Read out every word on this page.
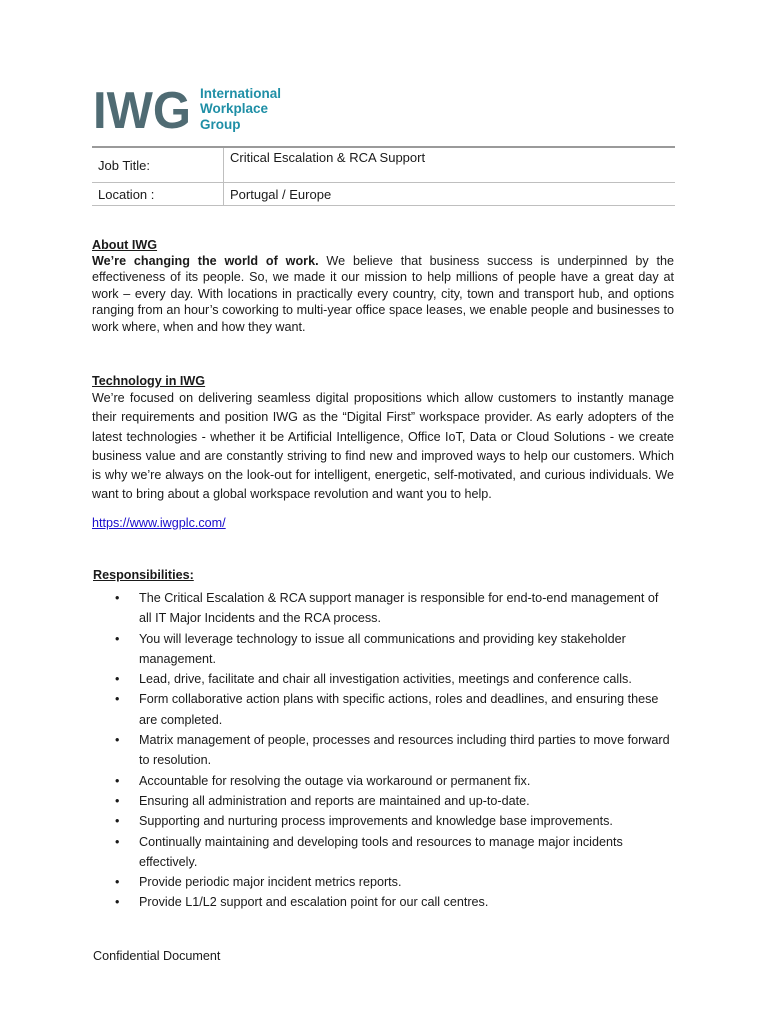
IWG International
Workplace
Group
Job Title:	Critical Escalation & RCA Support
Location :	Portugal / Europe
About IWG

We’re changing the world of work. We believe that business success is underpinned by the effectiveness of its people. So, we made it our mission to help millions of people have a great day at work – every day. With locations in practically every country, city, town and transport hub, and options ranging from an hour’s coworking to multi-year office space leases, we enable people and businesses to work where, when and how they want.

Technology in IWG

We’re focused on delivering seamless digital propositions which allow customers to instantly manage their requirements and position IWG as the “Digital First” workspace provider. As early adopters of the latest technologies - whether it be Artificial Intelligence, Office IoT, Data or Cloud Solutions - we create business value and are constantly striving to find new and improved ways to help our customers. Which is why we’re always on the look-out for intelligent, energetic, self-motivated, and curious individuals. We want to bring about a global workspace revolution and want you to help.

https://www.iwgplc.com/
Responsibilities:
• The Critical Escalation & RCA support manager is responsible for end-to-end management of all IT Major Incidents and the RCA process.
• You will leverage technology to issue all communications and providing key stakeholder management.
• Lead, drive, facilitate and chair all investigation activities, meetings and conference calls.
• Form collaborative action plans with specific actions, roles and deadlines, and ensuring these are completed.
• Matrix management of people, processes and resources including third parties to move forward to resolution.
• Accountable for resolving the outage via workaround or permanent fix.
• Ensuring all administration and reports are maintained and up-to-date.
• Supporting and nurturing process improvements and knowledge base improvements.
• Continually maintaining and developing tools and resources to manage major incidents effectively.
• Provide periodic major incident metrics reports.
• Provide L1/L2 support and escalation point for our call centres.
Confidential Document
